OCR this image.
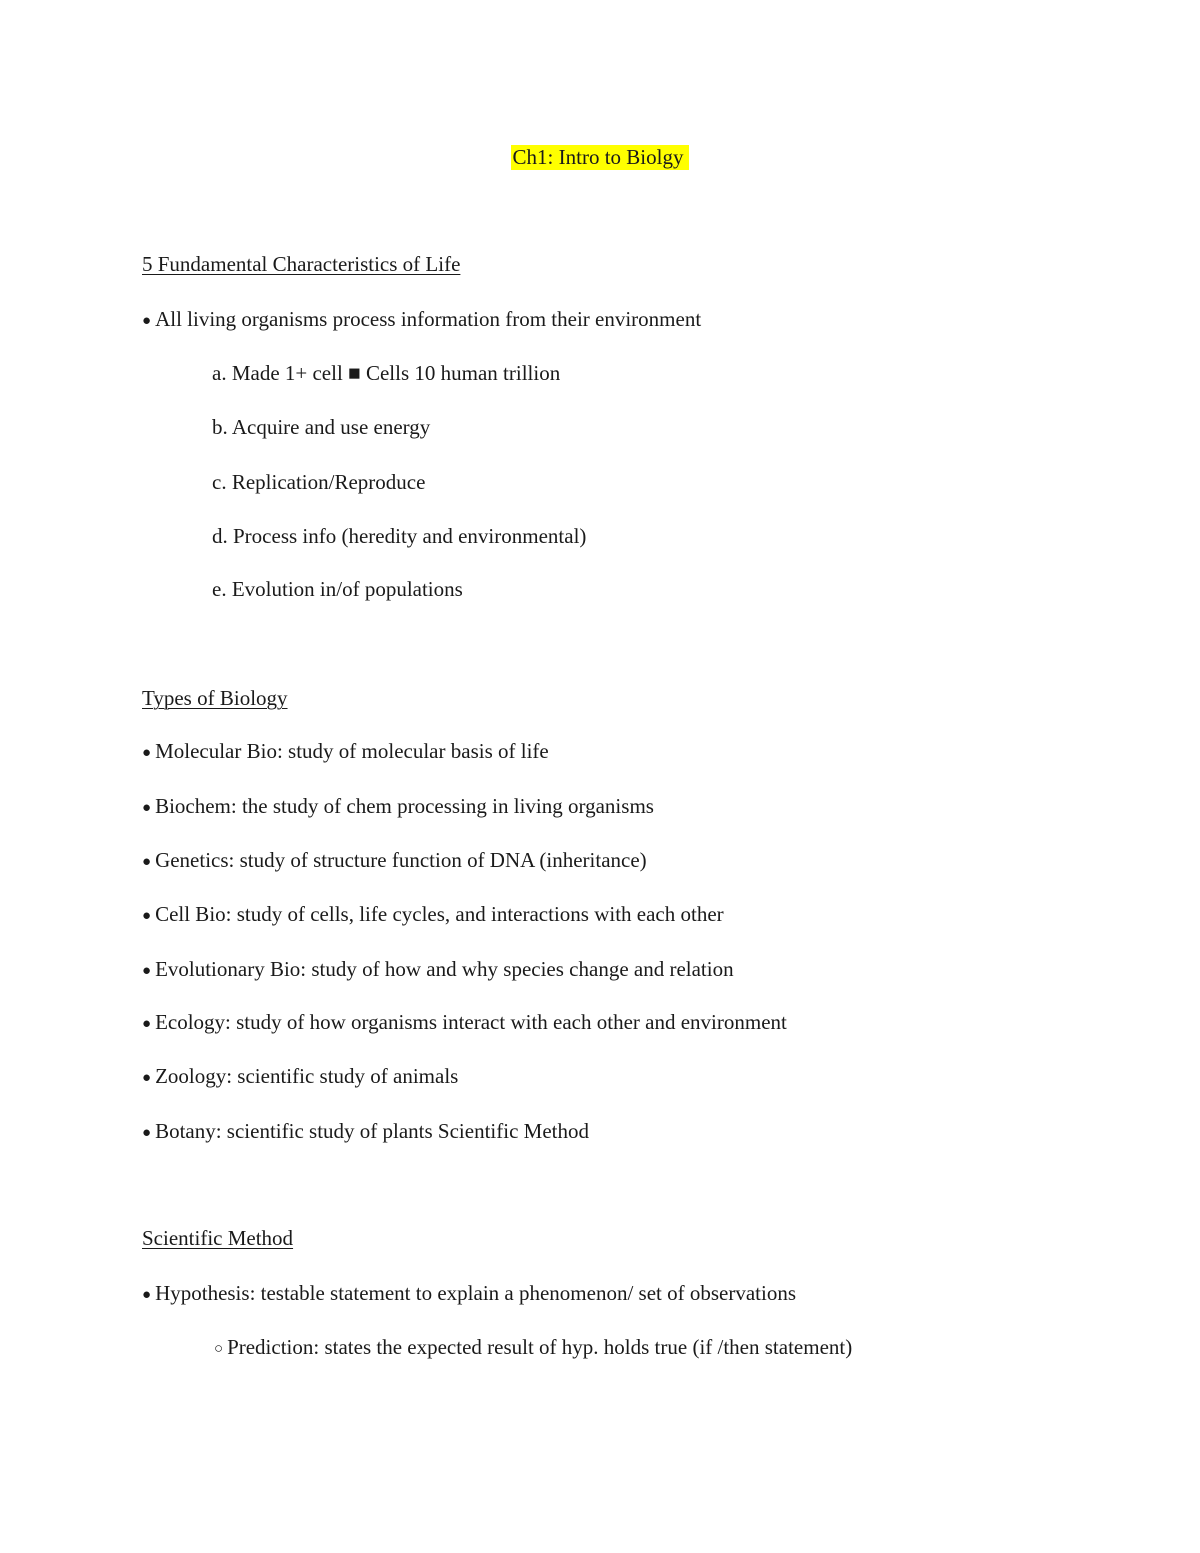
Ch1: Intro to Biolgy
5 Fundamental Characteristics of Life
● All living organisms process information from their environment
a. Made 1+ cell ■ Cells 10 human trillion
b. Acquire and use energy
c. Replication/Reproduce
d. Process info (heredity and environmental)
e. Evolution in/of populations
Types of Biology
● Molecular Bio: study of molecular basis of life
● Biochem: the study of chem processing in living organisms
● Genetics: study of structure function of DNA (inheritance)
● Cell Bio: study of cells, life cycles, and interactions with each other
● Evolutionary Bio: study of how and why species change and relation
● Ecology: study of how organisms interact with each other and environment
● Zoology: scientific study of animals
● Botany: scientific study of plants Scientific Method
Scientific Method
● Hypothesis: testable statement to explain a phenomenon/ set of observations
○ Prediction: states the expected result of hyp. holds true (if /then statement)
